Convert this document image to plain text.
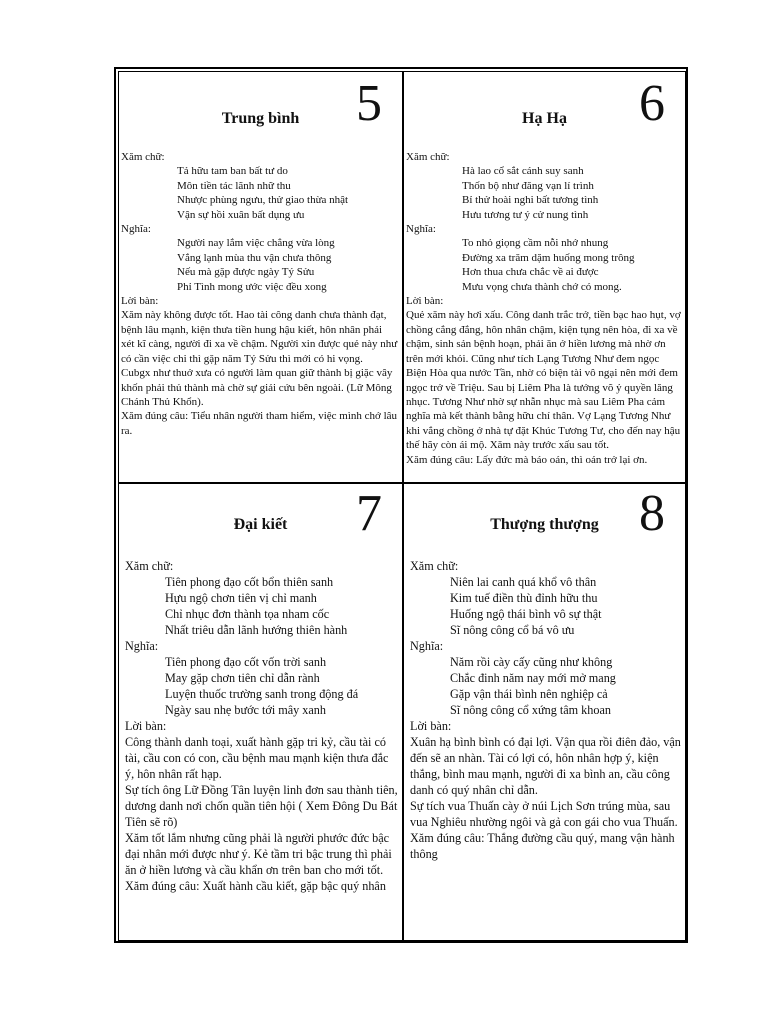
Trung bình	5

Xăm chữ:

Tả hữu tam ban bất tư do

Môn tiền tác lãnh nhữ thu

Nhược phùng ngưu, thử giao thừa nhật

Vận sự hồi xuân bất dụng ưu

Nghĩa:

Người nay lắm việc chẳng vừa lòng

Vắng lạnh mùa thu vận chưa thông

Nếu mà gặp được ngày Tý Sửu

Phỉ Tình mong ước việc đều xong

Lời bàn:

Xăm này không được tốt. Hao tài công danh chưa thành đạt, bệnh lâu mạnh, kiện thưa tiền hung hậu kiết, hôn nhân phải xét kĩ càng, người đi xa về chậm. Người xin được quẻ này như có cần việc chi thì gặp năm Tý Sửu thì mới có hi vọng.

Cubgx như thuở xưa có người làm quan giữ thành bị giặc vây khốn phải thủ thành mà chờ sự giải cứu bên ngoài. (Lữ Mông Chánh Thủ Khổn).

Xăm đúng câu: Tiểu nhân người tham hiểm, việc mình chớ lâu ra.

Hạ Hạ	6

Xăm chữ:

Hà lao cổ sắt cánh suy sanh

Thốn bộ như đăng vạn lí trình

Bỉ thử hoài nghi bất tương tình

Hưu tương tư ý cử nung tình

Nghĩa:

To nhỏ giọng cầm nỗi nhớ nhung

Đường xa trăm dặm huống mong trông

Hơn thua chưa chắc về ai được

Mưu vọng chưa thành chớ có mong.

Lời bàn:

Quẻ xăm này hơi xấu. Công danh trắc trở, tiền bạc hao hụt, vợ chồng cắng đắng, hôn nhân chậm, kiện tụng nên hòa, đi xa về chậm, sinh sản bệnh hoạn, phải ăn ở hiền lương mà nhờ ơn trên mới khỏi. Cũng như tích Lạng Tương Như đem ngọc Biện Hòa qua nước Tần, nhờ có biện tài vô ngại nên mới đem ngọc trở về Triệu. Sau bị Liêm Pha là tướng võ ỷ quyền lăng nhục. Tương Như nhờ sự nhẫn nhục mà sau Liêm Pha cảm nghĩa mà kết thành bằng hữu chí thân. Vợ Lạng Tương Như khi vắng chồng ở nhà tự đặt Khúc Tương Tư, cho đến nay hậu thế hãy còn ái mộ. Xăm này trước xấu sau tốt.

Xăm đúng câu: Lấy đức mà báo oán, thì oán trở lại ơn.

Đại kiết	7

Xăm chữ:

Tiên phong đạo cốt bổn thiên sanh

Hựu ngộ chơn tiên vị chỉ manh

Chỉ nhục đơn thành tọa nham cốc

Nhất triêu dẫn lãnh hướng thiên hành

Nghĩa:

Tiên phong đạo cốt vốn trời sanh

May gặp chơn tiên chỉ dẫn rành

Luyện thuốc trường sanh trong động đá

Ngày sau nhẹ bước tới mây xanh

Lời bàn:

Công thành danh toại, xuất hành gặp tri kỷ, cầu tài có tài, cầu con có con, cầu bệnh mau mạnh kiện thưa đắc ý, hôn nhân rất hạp.

Sự tích ông Lữ Đồng Tân luyện linh đơn sau thành tiên, dương danh nơi chốn quần tiên hội ( Xem Đông Du Bát Tiên sẽ rõ)

Xăm tốt lắm nhưng cũng phải là người phước đức bậc đại nhân mới được như ý. Kẻ tầm tri bậc trung thì phải ăn ở hiền lương và cầu khẩn ơn trên ban cho mới tốt.

Xăm đúng câu: Xuất hành cầu kiết, gặp bậc quý nhân

Thượng thượng 8

Xăm chữ:

Niên lai canh quá khổ vô thân

Kim tuế điền thù đỉnh hữu thu

Huống ngộ thái bình vô sự thật

Sĩ nông công cổ bá vô ưu

Nghĩa:

Năm rồi cày cấy cũng như không

Chắc đinh năm nay mới mở mang

Gặp vận thái bình nên nghiệp cả

Sĩ nông công cổ xứng tâm khoan

Lời bàn:

Xuân hạ bình bình có đại lợi. Vận qua rồi điên đảo, vận đến sẽ an nhàn. Tài có lợi có, hôn nhân hợp ý, kiện thắng, bình mau mạnh, người đi xa bình an, cầu công danh có quý nhân chỉ dẫn.

Sự tích vua Thuấn cày ở núi Lịch Sơn trúng mùa, sau vua Nghiêu nhường ngôi và gả con gái cho vua Thuấn.

Xăm đúng câu: Thắng đường cầu quý, mang vận hành thông
